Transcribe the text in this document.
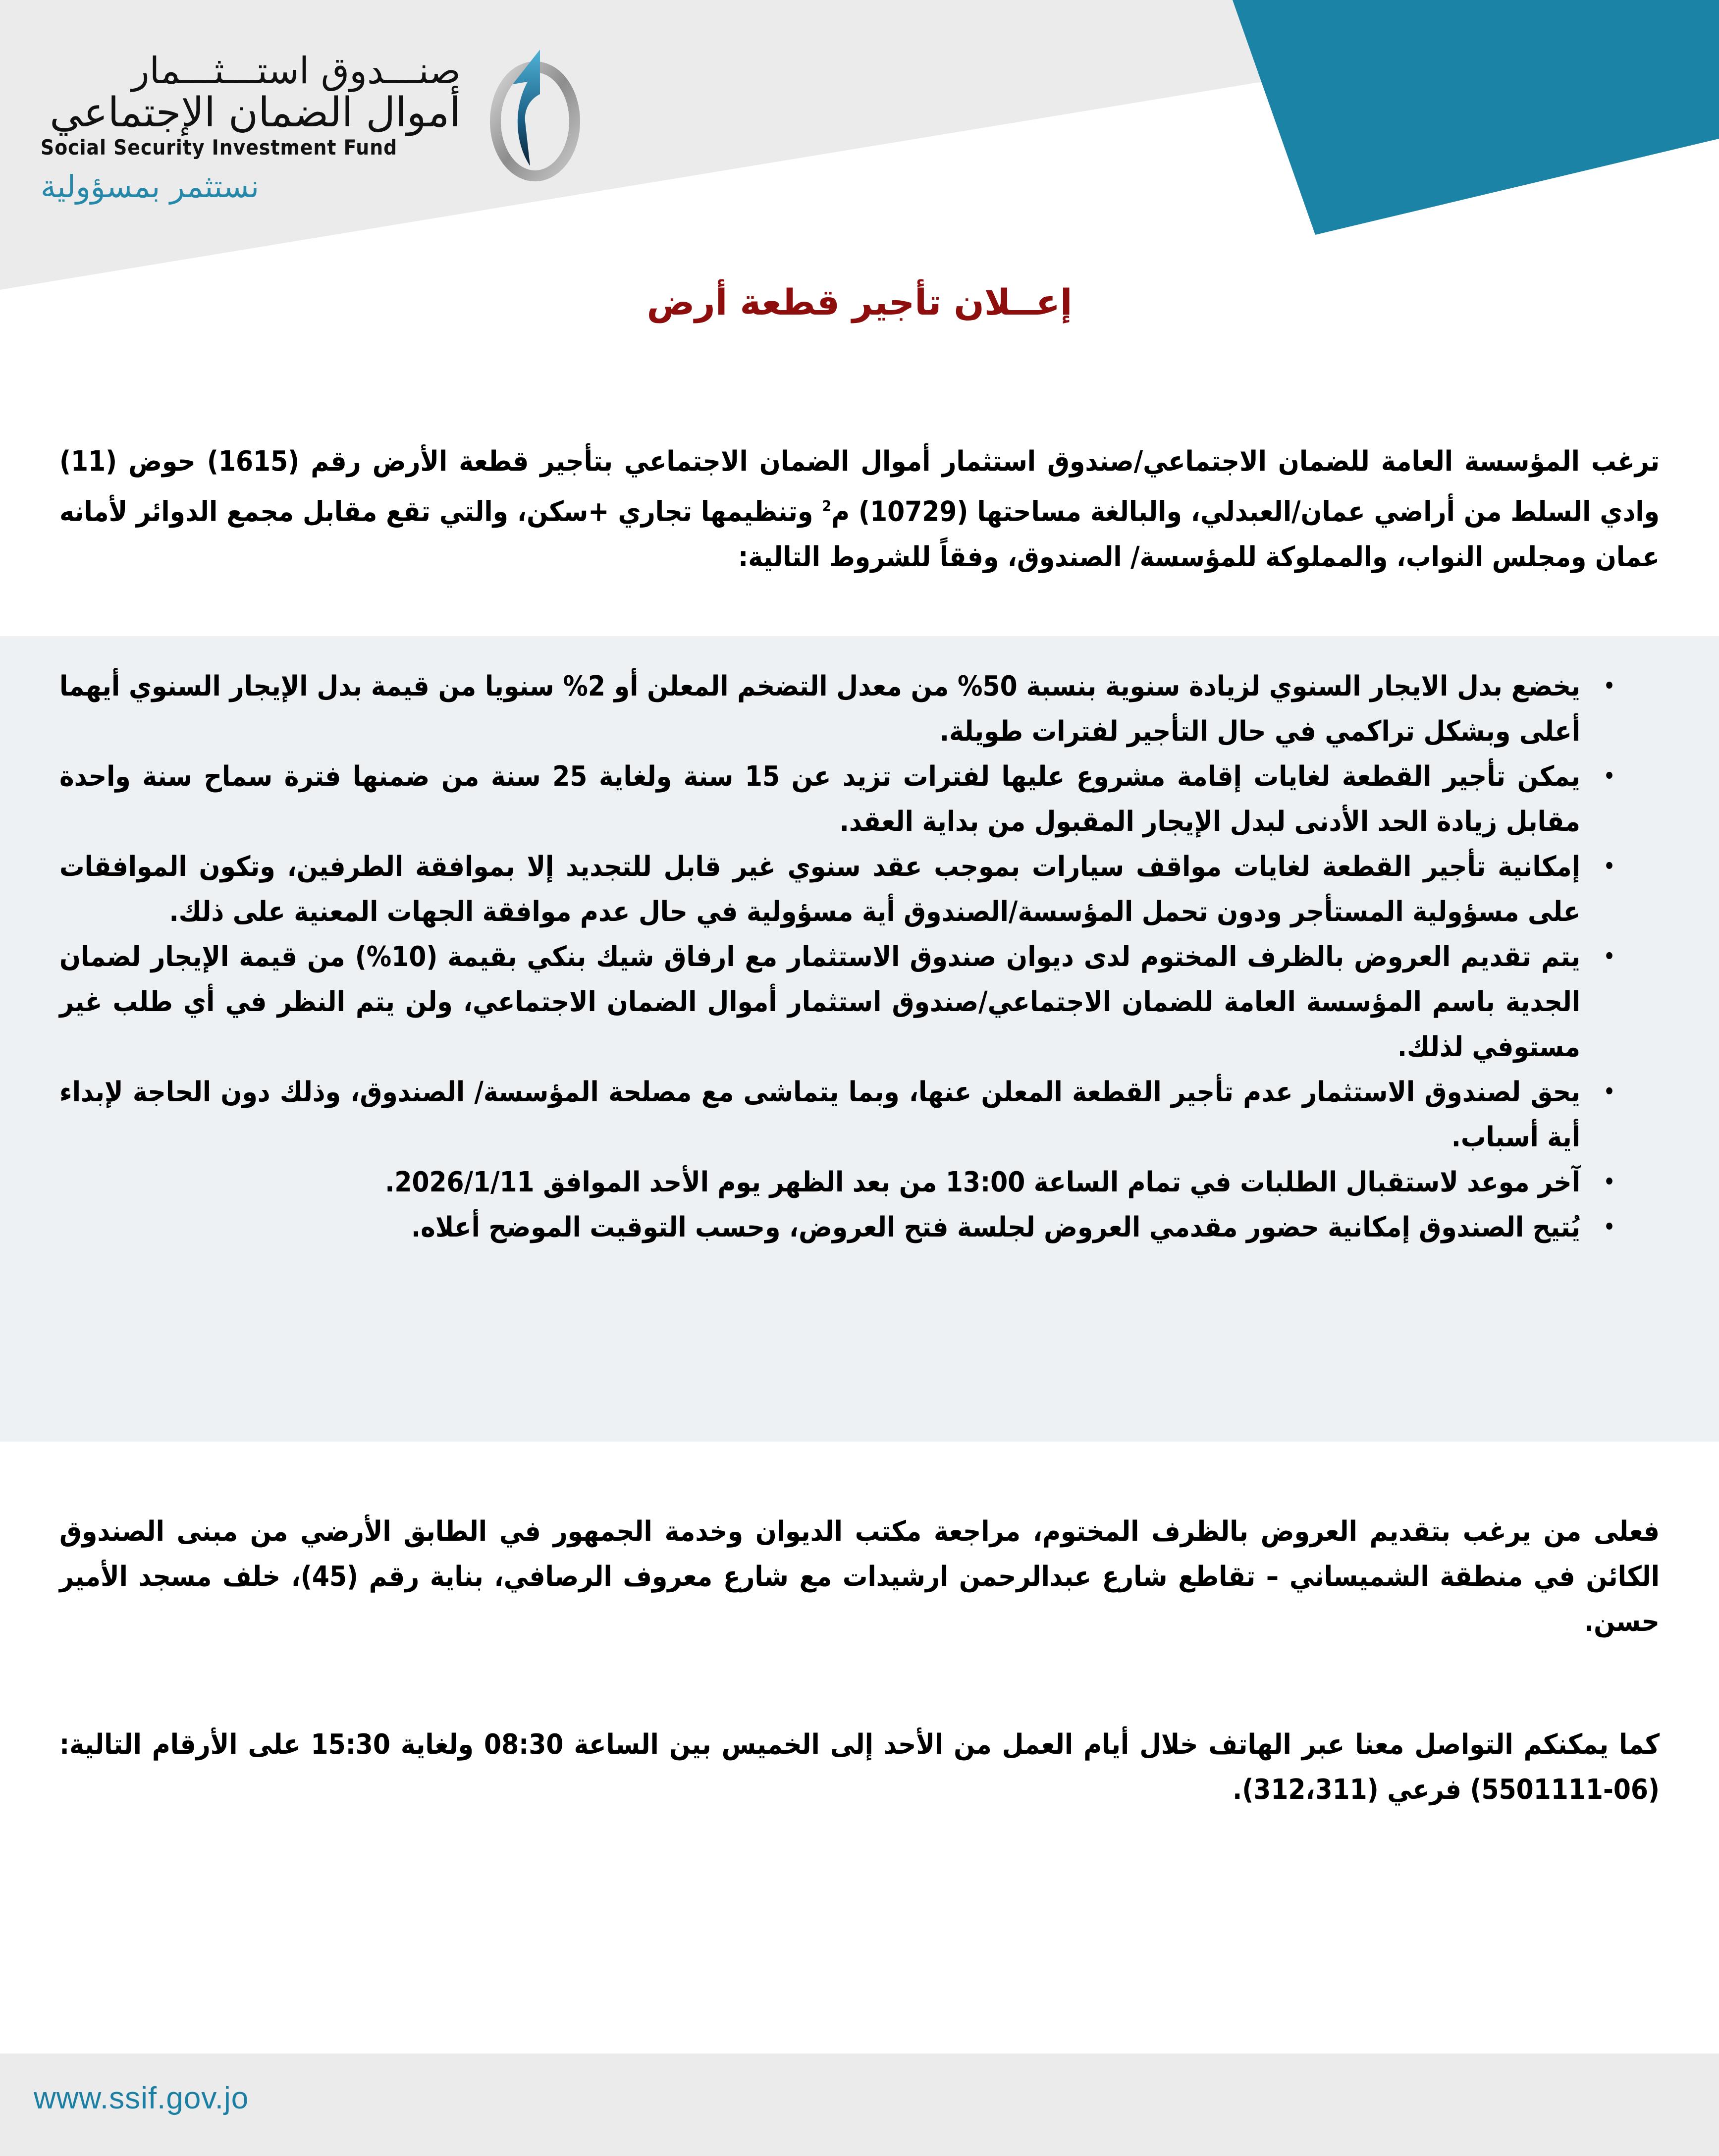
صنـــدوق استـــثـــمار
أموال الضمان الإجتماعي
Social Security Investment Fund
نستثمر بمسؤولية
إعــلان تأجير قطعة أرض

ترغب المؤسسة العامة للضمان الاجتماعي/صندوق استثمار أموال الضمان الاجتماعي بتأجير قطعة الأرض رقم (1615) حوض (11) وادي السلط من أراضي عمان/العبدلي، والبالغة مساحتها (10729) م$^2$ وتنظيمها تجاري +سكن، والتي تقع مقابل مجمع الدوائر لأمانه عمان ومجلس النواب، والمملوكة للمؤسسة/ الصندوق، وفقاً للشروط التالية:

•
يخضع بدل الايجار السنوي لزيادة سنوية بنسبة 50% من معدل التضخم المعلن أو 2% سنويا من قيمة بدل الإيجار السنوي أيهما أعلى وبشكل تراكمي في حال التأجير لفترات طويلة.
•
يمكن تأجير القطعة لغايات إقامة مشروع عليها لفترات تزيد عن 15 سنة ولغاية 25 سنة من ضمنها فترة سماح سنة واحدة مقابل زيادة الحد الأدنى لبدل الإيجار المقبول من بداية العقد.
•
إمكانية تأجير القطعة لغايات مواقف سيارات بموجب عقد سنوي غير قابل للتجديد إلا بموافقة الطرفين، وتكون الموافقات على مسؤولية المستأجر ودون تحمل المؤسسة/الصندوق أية مسؤولية في حال عدم موافقة الجهات المعنية على ذلك.
•
يتم تقديم العروض بالظرف المختوم لدى ديوان صندوق الاستثمار مع ارفاق شيك بنكي بقيمة (10%) من قيمة الإيجار لضمان الجدية باسم المؤسسة العامة للضمان الاجتماعي/صندوق استثمار أموال الضمان الاجتماعي، ولن يتم النظر في أي طلب غير مستوفي لذلك.
•
يحق لصندوق الاستثمار عدم تأجير القطعة المعلن عنها، وبما يتماشى مع مصلحة المؤسسة/ الصندوق، وذلك دون الحاجة لإبداء أية أسباب.
•
آخر موعد لاستقبال الطلبات في تمام الساعة 13:00 من بعد الظهر يوم الأحد الموافق 2026/1/11.
•
يُتيح الصندوق إمكانية حضور مقدمي العروض لجلسة فتح العروض، وحسب التوقيت الموضح أعلاه.

فعلى من يرغب بتقديم العروض بالظرف المختوم، مراجعة مكتب الديوان وخدمة الجمهور في الطابق الأرضي من مبنى الصندوق الكائن في منطقة الشميساني – تقاطع شارع عبدالرحمن ارشيدات مع شارع معروف الرصافي، بناية رقم (45)، خلف مسجد الأمير حسن.

كما يمكنكم التواصل معنا عبر الهاتف خلال أيام العمل من الأحد إلى الخميس بين الساعة 08:30 ولغاية 15:30 على الأرقام التالية: (06-5501111) فرعي (312،311).

www.ssif.gov.jo
